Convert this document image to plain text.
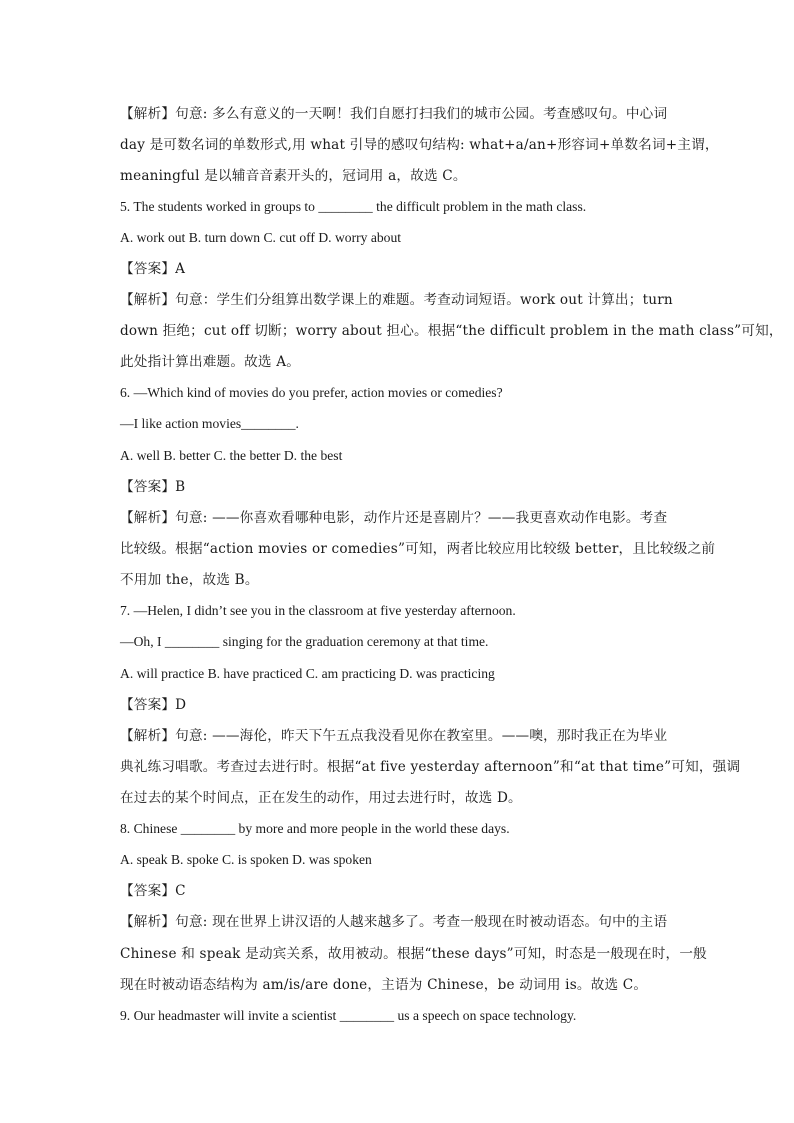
【解析】句意: 多么有意义的一天啊！我们自愿打扫我们的城市公园。考查感叹句。中心词
day 是可数名词的单数形式,用 what 引导的感叹句结构: what+a/an+形容词+单数名词+主谓，
meaningful 是以辅音音素开头的，冠词用 a，故选 C。
5. The students worked in groups to ________ the difficult problem in the math class.
A. work out B. turn down C. cut off D. worry about
【答案】A
【解析】句意：学生们分组算出数学课上的难题。考查动词短语。work out 计算出；turn
down 拒绝；cut off 切断；worry about 担心。根据“the difficult problem in the math class”可知，
此处指计算出难题。故选 A。
6. —Which kind of movies do you prefer, action movies or comedies?
—I like action movies________.
A. well B. better C. the better D. the best
【答案】B
【解析】句意: ——你喜欢看哪种电影，动作片还是喜剧片？——我更喜欢动作电影。考查
比较级。根据“action movies or comedies”可知，两者比较应用比较级 better，且比较级之前
不用加 the，故选 B。
7. —Helen, I didn’t see you in the classroom at five yesterday afternoon.
—Oh, I ________ singing for the graduation ceremony at that time.
A. will practice B. have practiced C. am practicing D. was practicing
【答案】D
【解析】句意: ——海伦，昨天下午五点我没看见你在教室里。——噢，那时我正在为毕业
典礼练习唱歌。考查过去进行时。根据“at five yesterday afternoon”和“at that time”可知，强调
在过去的某个时间点，正在发生的动作，用过去进行时，故选 D。
8. Chinese ________ by more and more people in the world these days.
A. speak B. spoke C. is spoken D. was spoken
【答案】C
【解析】句意: 现在世界上讲汉语的人越来越多了。考查一般现在时被动语态。句中的主语
Chinese 和 speak 是动宾关系，故用被动。根据“these days”可知，时态是一般现在时，一般
现在时被动语态结构为 am/is/are done，主语为 Chinese，be 动词用 is。故选 C。
9. Our headmaster will invite a scientist ________ us a speech on space technology.
